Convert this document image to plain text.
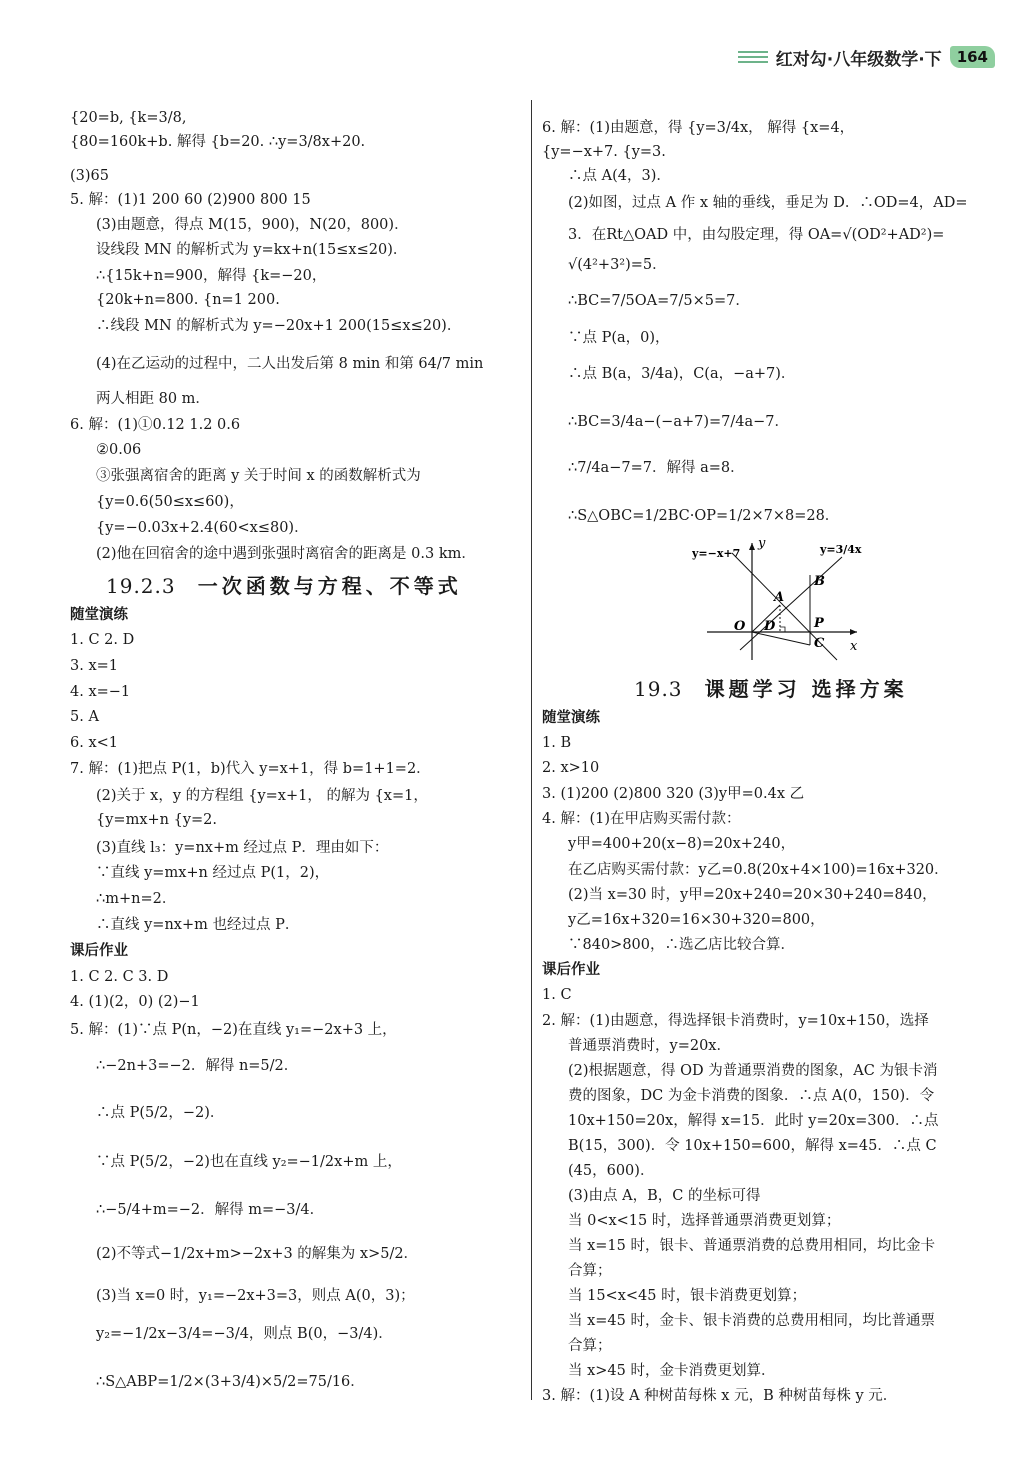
红对勾·八年级数学·下	164
{20=b, {k=3/8,
{80=160k+b. 解得 {b=20. ∴y=3/8x+20.
(3)65
5. 解：(1)1 200 60 (2)900 800 15
(3)由题意，得点 M(15，900)，N(20，800)．
设线段 MN 的解析式为 y=kx+n(15≤x≤20)．
∴{15k+n=900，解得 {k=−20，
{20k+n=800. {n=1 200.
∴线段 MN 的解析式为 y=−20x+1 200(15≤x≤20)．
(4)在乙运动的过程中，二人出发后第 8 min 和第 64/7 min
两人相距 80 m．
6. 解：(1)①0.12 1.2 0.6
②0.06
③张强离宿舍的距离 y 关于时间 x 的函数解析式为
{y=0.6(50≤x≤60)，
{y=−0.03x+2.4(60<x≤80)．
(2)他在回宿舍的途中遇到张强时离宿舍的距离是 0.3 km．
19.2.3 一次函数与方程、不等式
随堂演练
1. C 2. D
3. x=1
4. x=−1
5. A
6. x<1
7. 解：(1)把点 P(1，b)代入 y=x+1，得 b=1+1=2．
(2)关于 x，y 的方程组 {y=x+1， 的解为 {x=1，
{y=mx+n {y=2.
(3)直线 l₃：y=nx+m 经过点 P．理由如下：
∵直线 y=mx+n 经过点 P(1，2)，
∴m+n=2．
∴直线 y=nx+m 也经过点 P．
课后作业
1. C 2. C 3. D
4. (1)(2，0) (2)−1
5. 解：(1)∵点 P(n，−2)在直线 y₁=−2x+3 上，
∴−2n+3=−2．解得 n=5/2．
∴点 P(5/2，−2)．
∵点 P(5/2，−2)也在直线 y₂=−1/2x+m 上，
∴−5/4+m=−2．解得 m=−3/4．
(2)不等式−1/2x+m>−2x+3 的解集为 x>5/2．
(3)当 x=0 时，y₁=−2x+3=3，则点 A(0，3)；
y₂=−1/2x−3/4=−3/4，则点 B(0，−3/4)．
∴S△ABP=1/2×(3+3/4)×5/2=75/16．
6. 解：(1)由题意，得 {y=3/4x， 解得 {x=4，
{y=−x+7. {y=3.
∴点 A(4，3)．
(2)如图，过点 A 作 x 轴的垂线，垂足为 D．∴OD=4，AD=
3．在Rt△OAD 中，由勾股定理，得 OA=√(OD²+AD²)=
√(4²+3²)=5．
∴BC=7/5OA=7/5×5=7．
∵点 P(a，0)，
∴点 B(a，3/4a)，C(a，−a+7)．
∴BC=3/4a−(−a+7)=7/4a−7．
∴7/4a−7=7．解得 a=8．
∴S△OBC=1/2BC·OP=1/2×7×8=28．
y=−x+7	y=3/4x
y
x
O D
A
B
P
C
19.3 课题学习 选择方案
随堂演练
1. B
2. x>10
3. (1)200 (2)800 320 (3)y甲=0.4x 乙
4. 解：(1)在甲店购买需付款：
y甲=400+20(x−8)=20x+240，
在乙店购买需付款：y乙=0.8(20x+4×100)=16x+320．
(2)当 x=30 时，y甲=20x+240=20×30+240=840，
y乙=16x+320=16×30+320=800，
∵840>800，∴选乙店比较合算．
课后作业
1. C
2. 解：(1)由题意，得选择银卡消费时，y=10x+150，选择
普通票消费时，y=20x．
(2)根据题意，得 OD 为普通票消费的图象，AC 为银卡消
费的图象，DC 为金卡消费的图象．∴点 A(0，150)．令
10x+150=20x，解得 x=15．此时 y=20x=300．∴点
B(15，300)．令 10x+150=600，解得 x=45．∴点 C
(45，600)．
(3)由点 A，B，C 的坐标可得
当 0<x<15 时，选择普通票消费更划算；
当 x=15 时，银卡、普通票消费的总费用相同，均比金卡
合算；
当 15<x<45 时，银卡消费更划算；
当 x=45 时，金卡、银卡消费的总费用相同，均比普通票
合算；
当 x>45 时，金卡消费更划算．
3. 解：(1)设 A 种树苗每株 x 元，B 种树苗每株 y 元．
